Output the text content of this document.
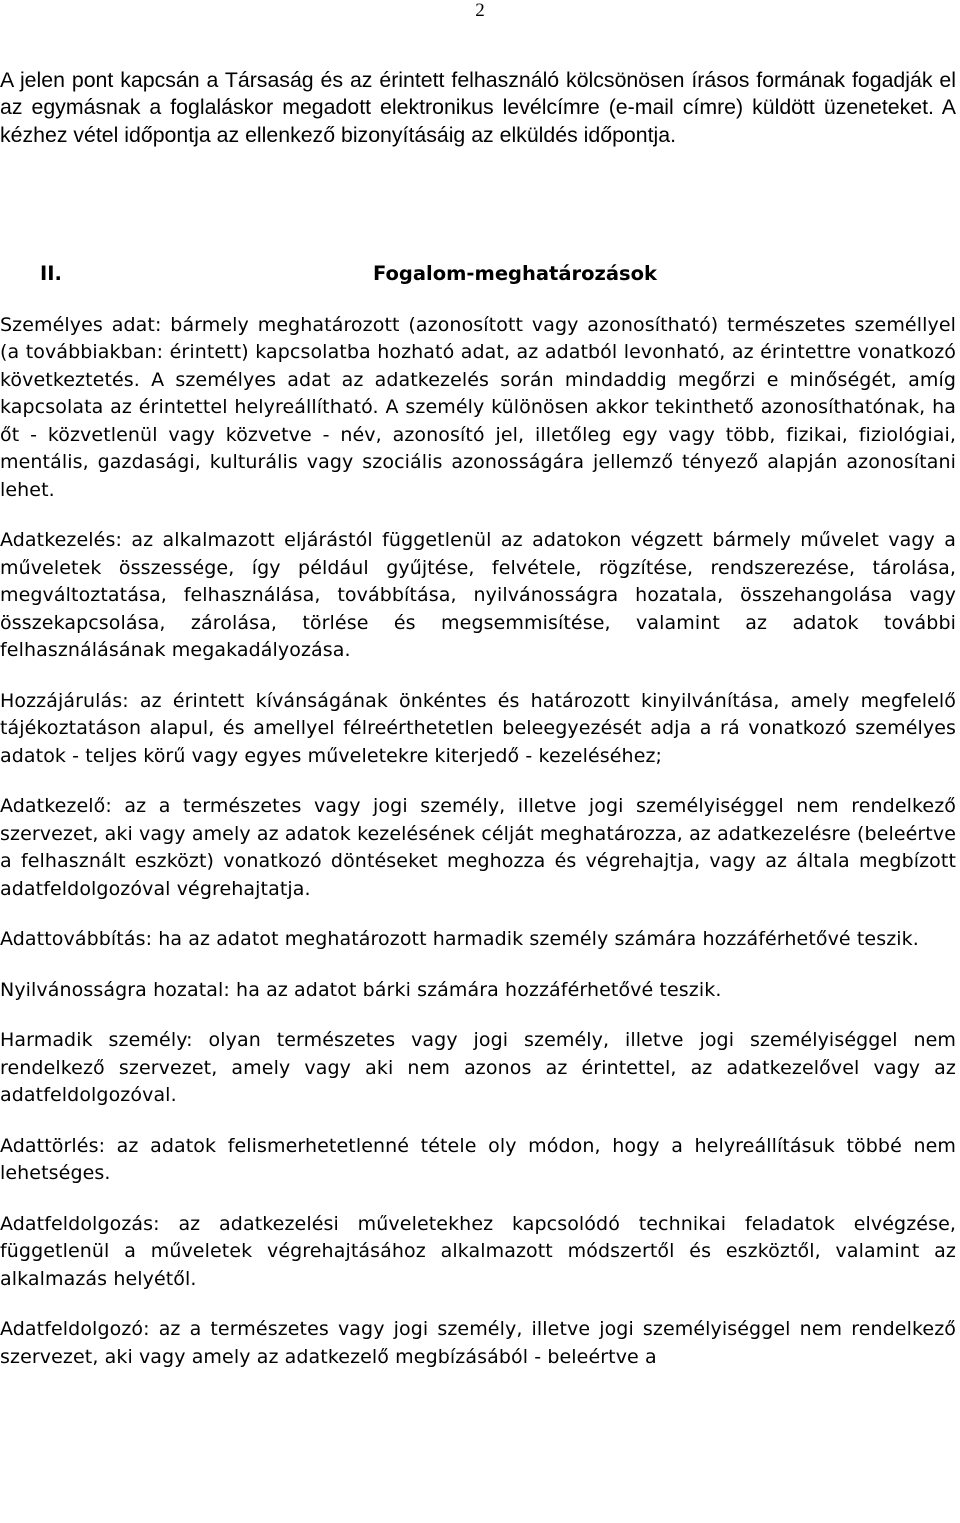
2

A jelen pont kapcsán a Társaság és az érintett felhasználó kölcsönösen írásos formának fogadják el az egymásnak a foglaláskor megadott elektronikus levélcímre (e-mail címre) küldött üzeneteket. A kézhez vétel időpontja az ellenkező bizonyításáig az elküldés időpontja.

II.	Fogalom-meghatározások

Személyes adat: bármely meghatározott (azonosított vagy azonosítható) természetes személlyel (a továbbiakban: érintett) kapcsolatba hozható adat, az adatból levonható, az érintettre vonatkozó következtetés. A személyes adat az adatkezelés során mindaddig megőrzi e minőségét, amíg kapcsolata az érintettel helyreállítható. A személy különösen akkor tekinthető azonosíthatónak, ha őt - közvetlenül vagy közvetve - név, azonosító jel, illetőleg egy vagy több, fizikai, fiziológiai, mentális, gazdasági, kulturális vagy szociális azonosságára jellemző tényező alapján azonosítani lehet.

Adatkezelés: az alkalmazott eljárástól függetlenül az adatokon végzett bármely művelet vagy a műveletek összessége, így például gyűjtése, felvétele, rögzítése, rendszerezése, tárolása, megváltoztatása, felhasználása, továbbítása, nyilvánosságra hozatala, összehangolása vagy összekapcsolása, zárolása, törlése és megsemmisítése, valamint az adatok további felhasználásának megakadályozása.

Hozzájárulás: az érintett kívánságának önkéntes és határozott kinyilvánítása, amely megfelelő tájékoztatáson alapul, és amellyel félreérthetetlen beleegyezését adja a rá vonatkozó személyes adatok - teljes körű vagy egyes műveletekre kiterjedő - kezeléséhez;

Adatkezelő: az a természetes vagy jogi személy, illetve jogi személyiséggel nem rendelkező szervezet, aki vagy amely az adatok kezelésének célját meghatározza, az adatkezelésre (beleértve a felhasznált eszközt) vonatkozó döntéseket meghozza és végrehajtja, vagy az általa megbízott adatfeldolgozóval végrehajtatja.

Adattovábbítás: ha az adatot meghatározott harmadik személy számára hozzáférhetővé teszik.

Nyilvánosságra hozatal: ha az adatot bárki számára hozzáférhetővé teszik.

Harmadik személy: olyan természetes vagy jogi személy, illetve jogi személyiséggel nem rendelkező szervezet, amely vagy aki nem azonos az érintettel, az adatkezelővel vagy az adatfeldolgozóval.

Adattörlés: az adatok felismerhetetlenné tétele oly módon, hogy a helyreállításuk többé nem lehetséges.

Adatfeldolgozás: az adatkezelési műveletekhez kapcsolódó technikai feladatok elvégzése, függetlenül a műveletek végrehajtásához alkalmazott módszertől és eszköztől, valamint az alkalmazás helyétől.

Adatfeldolgozó: az a természetes vagy jogi személy, illetve jogi személyiséggel nem rendelkező szervezet, aki vagy amely az adatkezelő megbízásából - beleértve a
